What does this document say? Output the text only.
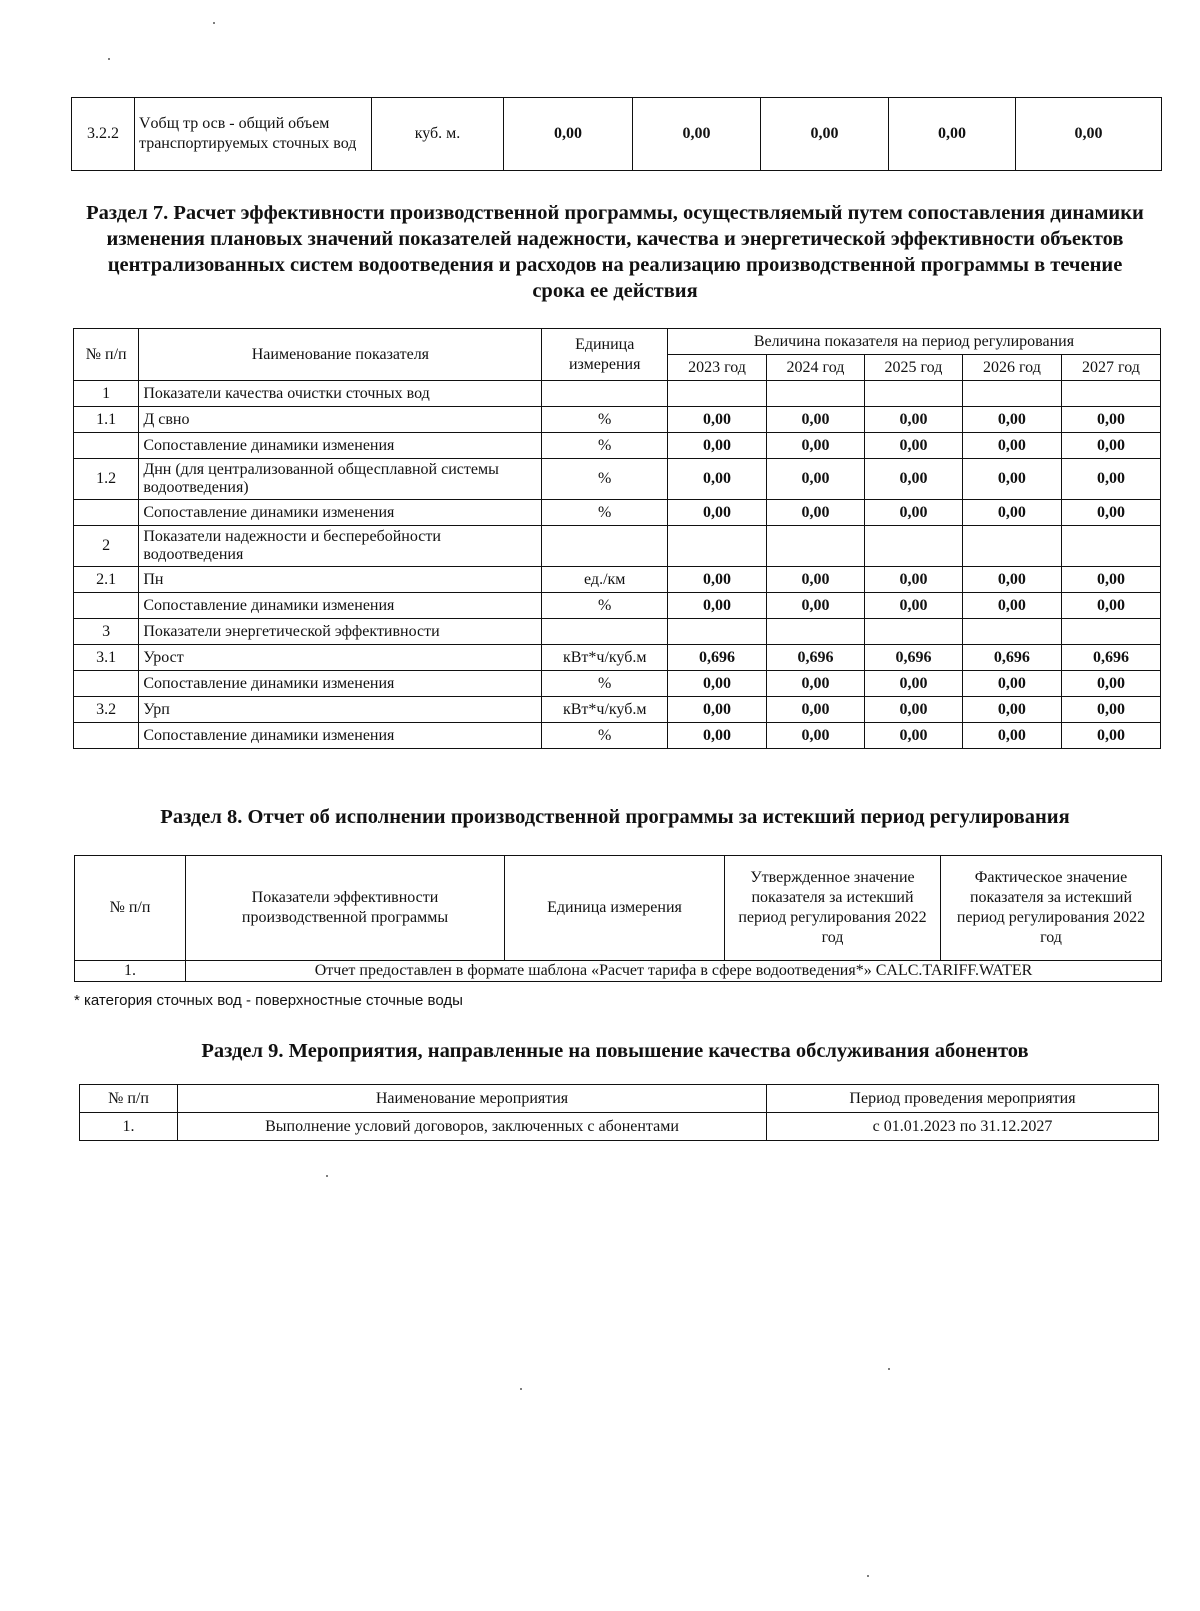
3.2.2	Vобщ тр осв - общий объем транспортируемых сточных вод	куб. м.	0,00	0,00	0,00	0,00	0,00
Раздел 7. Расчет эффективности производственной программы, осуществляемый путем сопоставления динамики изменения плановых значений показателей надежности, качества и энергетической эффективности объектов централизованных систем водоотведения и расходов на реализацию производственной программы в течение срока ее действия
№ п/п	Наименование показателя	Единица измерения	Величина показателя на период регулирования				
			2023 год	2024 год	2025 год	2026 год	2027 год
1	Показатели качества очистки сточных вод						
1.1	Д свно	%	0,00	0,00	0,00	0,00	0,00
	Сопоставление динамики изменения	%	0,00	0,00	0,00	0,00	0,00
1.2	Днн (для централизованной общесплавной системы водоотведения)	%	0,00	0,00	0,00	0,00	0,00
	Сопоставление динамики изменения	%	0,00	0,00	0,00	0,00	0,00
2	Показатели надежности и бесперебойности водоотведения						
2.1	Пн	ед./км	0,00	0,00	0,00	0,00	0,00
	Сопоставление динамики изменения	%	0,00	0,00	0,00	0,00	0,00
3	Показатели энергетической эффективности						
3.1	Урост	кВт*ч/куб.м	0,696	0,696	0,696	0,696	0,696
	Сопоставление динамики изменения	%	0,00	0,00	0,00	0,00	0,00
3.2	Урп	кВт*ч/куб.м	0,00	0,00	0,00	0,00	0,00
	Сопоставление динамики изменения	%	0,00	0,00	0,00	0,00	0,00
Раздел 8. Отчет об исполнении производственной программы за истекший период регулирования
№ п/п	Показатели эффективности производственной программы	Единица измерения	Утвержденное значение показателя за истекший период регулирования 2022 год	Фактическое значение показателя за истекший период регулирования 2022 год
1.	Отчет предоставлен в формате шаблона «Расчет тарифа в сфере водоотведения*» CALC.TARIFF.WATER			
* категория сточных вод - поверхностные сточные воды
Раздел 9. Мероприятия, направленные на повышение качества обслуживания абонентов
№ п/п	Наименование мероприятия	Период проведения мероприятия
1.	Выполнение условий договоров, заключенных с абонентами	с 01.01.2023 по 31.12.2027
